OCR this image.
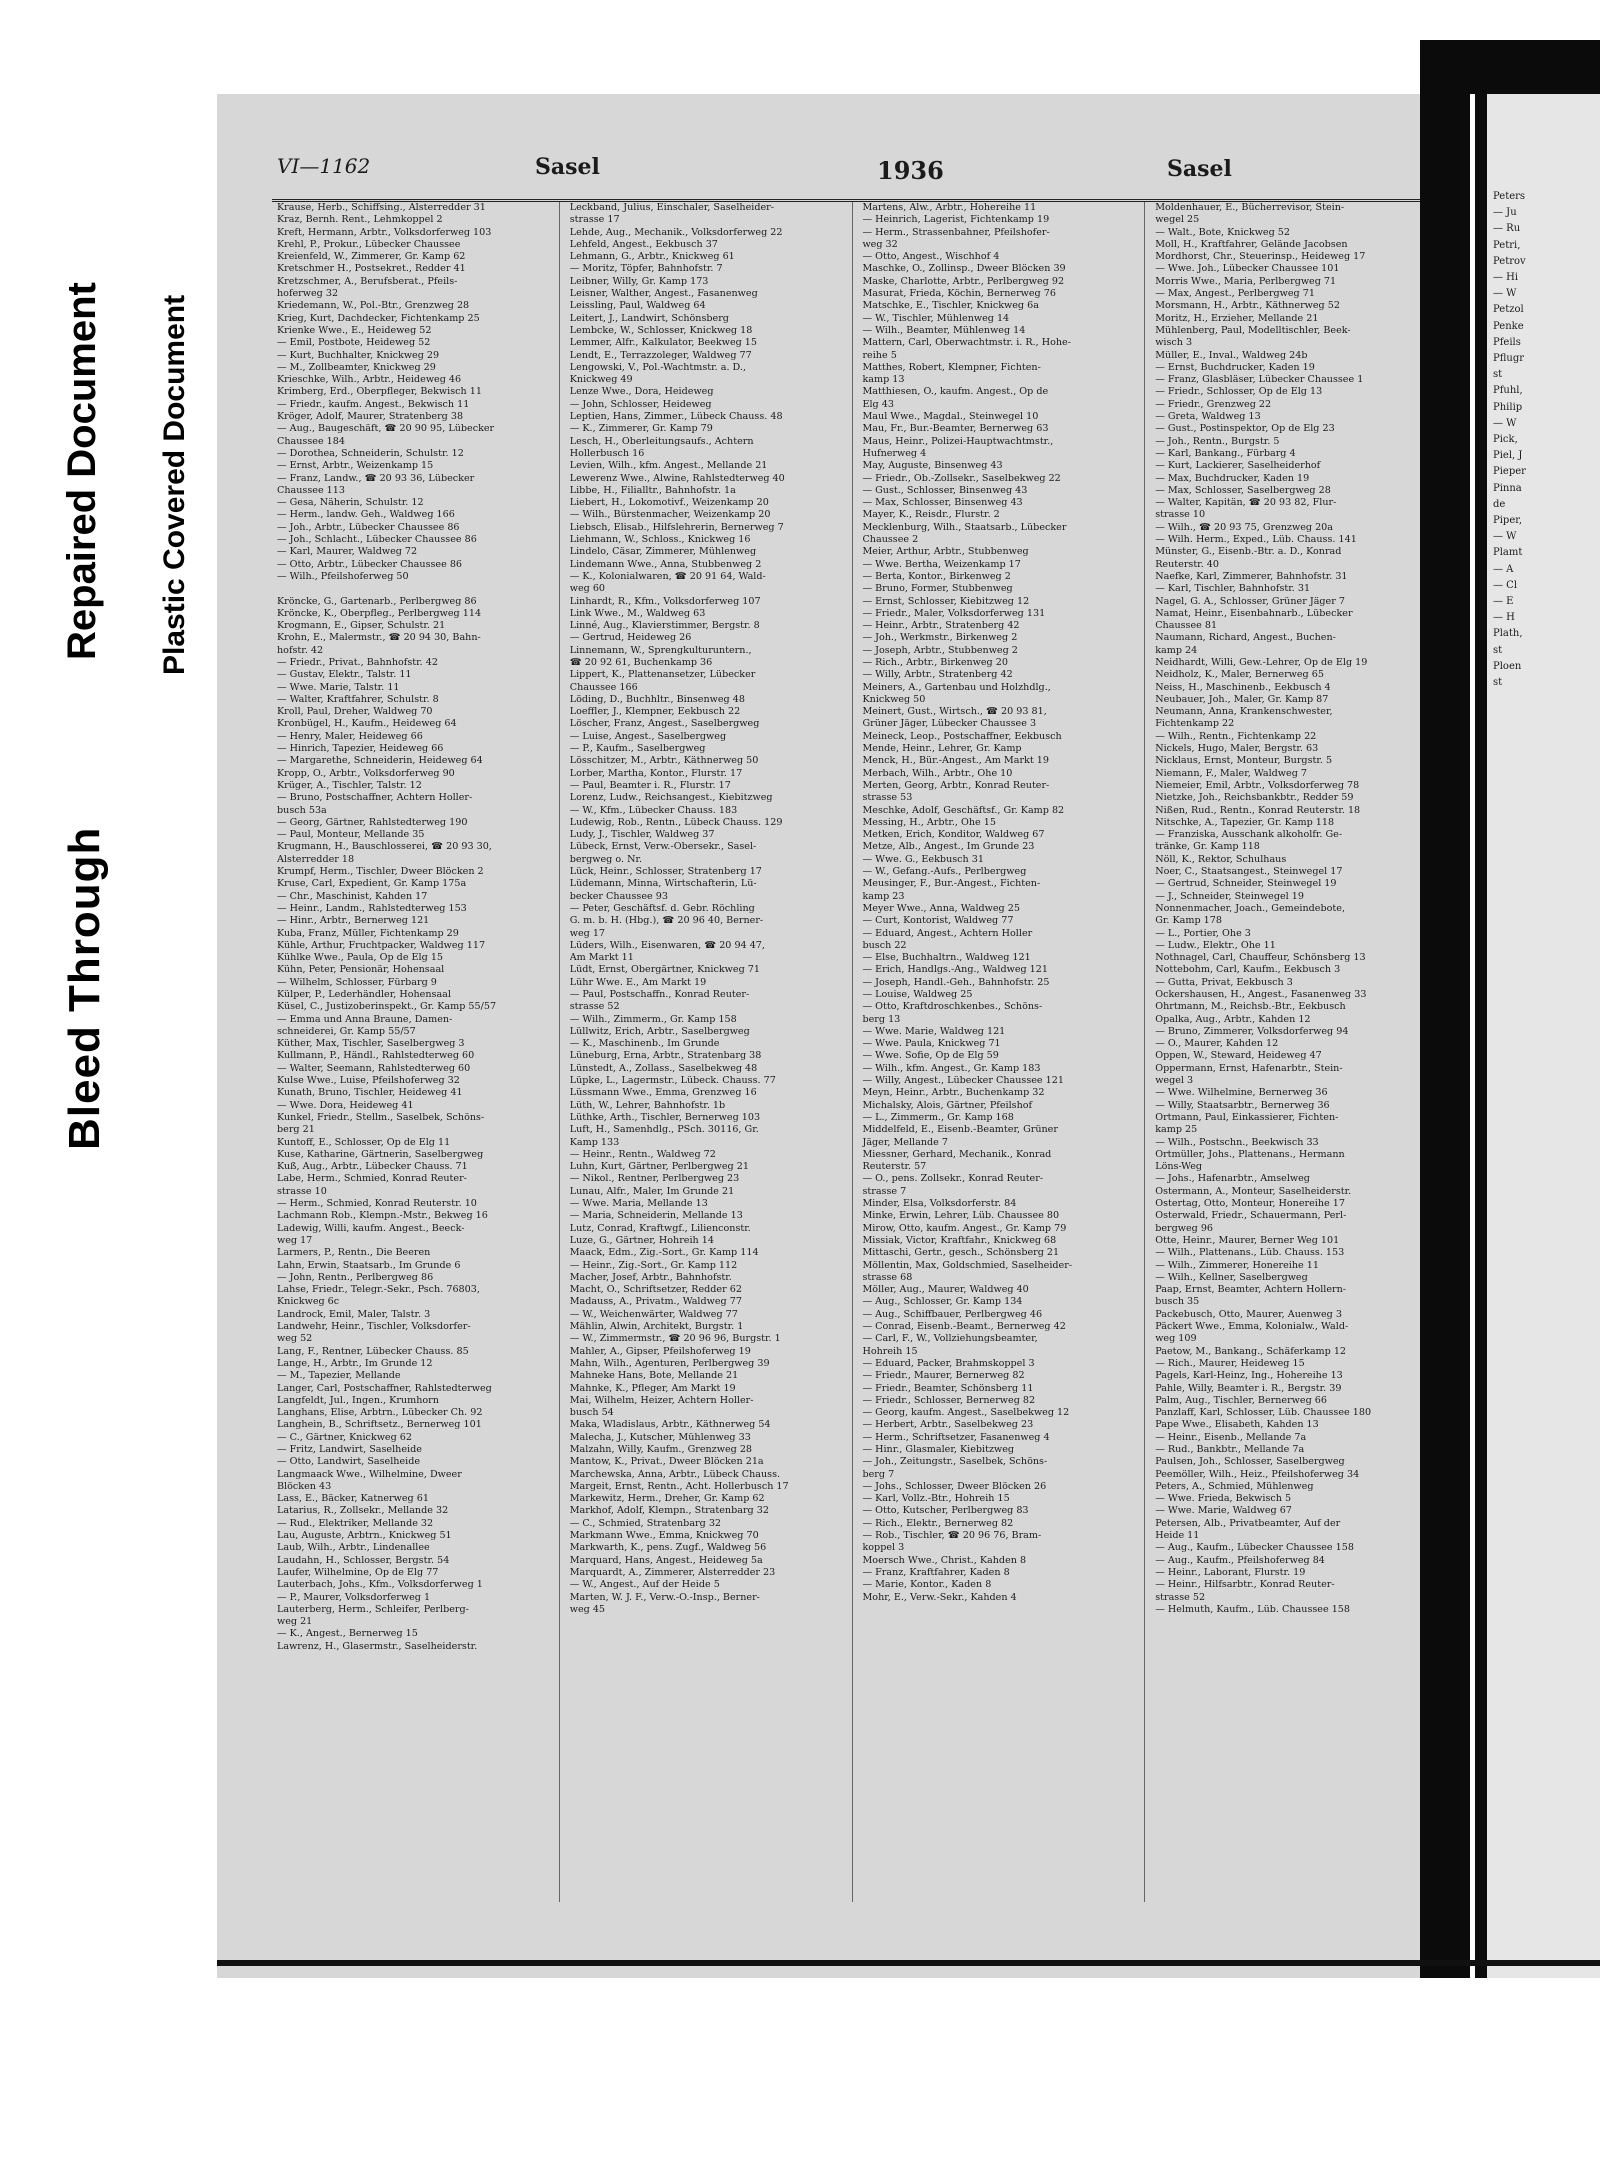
Bleed Through
Repaired Document Plastic Covered Document
VI—1162	Sasel	1936	Sasel
Krause, Herb., Schiffsing., Alsterredder 31
Kraz, Bernh. Rent., Lehmkoppel 2
Kreft, Hermann, Arbtr., Volksdorferweg 103
Krehl, P., Prokur., Lübecker Chaussee
Kreienfeld, W., Zimmerer, Gr. Kamp 62
Kretschmer H., Postsekret., Redder 41
Kretzschmer, A., Berufsberat., Pfeils-
hoferweg 32
Kriedemann, W., Pol.-Btr., Grenzweg 28
Krieg, Kurt, Dachdecker, Fichtenkamp 25
Krienke Wwe., E., Heideweg 52
— Emil, Postbote, Heideweg 52
— Kurt, Buchhalter, Knickweg 29
— M., Zollbeamter, Knickweg 29
Krieschke, Wilh., Arbtr., Heideweg 46
Krimberg, Erd., Oberpfleger, Bekwisch 11
— Friedr., kaufm. Angest., Bekwisch 11
Kröger, Adolf, Maurer, Stratenberg 38
— Aug., Baugeschäft, ☎ 20 90 95, Lübecker
Chaussee 184
— Dorothea, Schneiderin, Schulstr. 12
— Ernst, Arbtr., Weizenkamp 15
— Franz, Landw., ☎ 20 93 36, Lübecker
Chaussee 113
— Gesa, Näherin, Schulstr. 12
— Herm., landw. Geh., Waldweg 166
— Joh., Arbtr., Lübecker Chaussee 86
— Joh., Schlacht., Lübecker Chaussee 86
— Karl, Maurer, Waldweg 72
— Otto, Arbtr., Lübecker Chaussee 86
— Wilh., Pfeilshoferweg 50

Kröncke, G., Gartenarb., Perlbergweg 86
Kröncke, K., Oberpfleg., Perlbergweg 114
Krogmann, E., Gipser, Schulstr. 21
Krohn, E., Malermstr., ☎ 20 94 30, Bahn-
hofstr. 42
— Friedr., Privat., Bahnhofstr. 42
— Gustav, Elektr., Talstr. 11
— Wwe. Marie, Talstr. 11
— Walter, Kraftfahrer, Schulstr. 8
Kroll, Paul, Dreher, Waldweg 70
Kronbügel, H., Kaufm., Heideweg 64
— Henry, Maler, Heideweg 66
— Hinrich, Tapezier, Heideweg 66
— Margarethe, Schneiderin, Heideweg 64
Kropp, O., Arbtr., Volksdorferweg 90
Krüger, A., Tischler, Talstr. 12
— Bruno, Postschaffner, Achtern Holler-
busch 53a
— Georg, Gärtner, Rahlstedterweg 190
— Paul, Monteur, Mellande 35
Krugmann, H., Bauschlosserei, ☎ 20 93 30,
Alsterredder 18
Krumpf, Herm., Tischler, Dweer Blöcken 2
Kruse, Carl, Expedient, Gr. Kamp 175a
— Chr., Maschinist, Kahden 17
— Heinr., Landm., Rahlstedterweg 153
— Hinr., Arbtr., Bernerweg 121
Kuba, Franz, Müller, Fichtenkamp 29
Kühle, Arthur, Fruchtpacker, Waldweg 117
Kühlke Wwe., Paula, Op de Elg 15
Kühn, Peter, Pensionär, Hohensaal
— Wilhelm, Schlosser, Fürbarg 9
Külper, P., Lederhändler, Hohensaal
Küsel, C., Justizoberinspekt., Gr. Kamp 55/57
— Emma und Anna Braune, Damen-
schneiderei, Gr. Kamp 55/57
Küther, Max, Tischler, Saselbergweg 3
Kullmann, P., Händl., Rahlstedterweg 60
— Walter, Seemann, Rahlstedterweg 60
Kulse Wwe., Luise, Pfeilshoferweg 32
Kunath, Bruno, Tischler, Heideweg 41
— Wwe. Dora, Heideweg 41
Kunkel, Friedr., Stellm., Saselbek, Schöns-
berg 21
Kuntoff, E., Schlosser, Op de Elg 11
Kuse, Katharine, Gärtnerin, Saselbergweg
Kuß, Aug., Arbtr., Lübecker Chauss. 71
Labe, Herm., Schmied, Konrad Reuter-
strasse 10
— Herm., Schmied, Konrad Reuterstr. 10
Lachmann Rob., Klempn.-Mstr., Bekweg 16
Ladewig, Willi, kaufm. Angest., Beeck-
weg 17
Larmers, P., Rentn., Die Beeren
Lahn, Erwin, Staatsarb., Im Grunde 6
— John, Rentn., Perlbergweg 86
Lahse, Friedr., Telegr.-Sekr., Psch. 76803,
Knickweg 6c
Landrock, Emil, Maler, Talstr. 3
Landwehr, Heinr., Tischler, Volksdorfer-
weg 52
Lang, F., Rentner, Lübecker Chauss. 85
Lange, H., Arbtr., Im Grunde 12
— M., Tapezier, Mellande
Langer, Carl, Postschaffner, Rahlstedterweg
Langfeldt, Jul., Ingen., Krumhorn
Langhans, Elise, Arbtrn., Lübecker Ch. 92
Langhein, B., Schriftsetz., Bernerweg 101
— C., Gärtner, Knickweg 62
— Fritz, Landwirt, Saselheide
— Otto, Landwirt, Saselheide
Langmaack Wwe., Wilhelmine, Dweer
Blöcken 43
Lass, E., Bäcker, Katnerweg 61
Latarius, R., Zollsekr., Mellande 32
— Rud., Elektriker, Mellande 32
Lau, Auguste, Arbtrn., Knickweg 51
Laub, Wilh., Arbtr., Lindenallee
Laudahn, H., Schlosser, Bergstr. 54
Laufer, Wilhelmine, Op de Elg 77
Lauterbach, Johs., Kfm., Volksdorferweg 1
— P., Maurer, Volksdorferweg 1
Lauterberg, Herm., Schleifer, Perlberg-
weg 21
— K., Angest., Bernerweg 15
Lawrenz, H., Glasermstr., Saselheiderstr.
Leckband, Julius, Einschaler, Saselheider-
strasse 17
Lehde, Aug., Mechanik., Volksdorferweg 22
Lehfeld, Angest., Eekbusch 37
Lehmann, G., Arbtr., Knickweg 61
— Moritz, Töpfer, Bahnhofstr. 7
Leibner, Willy, Gr. Kamp 173
Leisner, Walther, Angest., Fasanenweg
Leissling, Paul, Waldweg 64
Leitert, J., Landwirt, Schönsberg
Lembcke, W., Schlosser, Knickweg 18
Lemmer, Alfr., Kalkulator, Beekweg 15
Lendt, E., Terrazzoleger, Waldweg 77
Lengowski, V., Pol.-Wachtmstr. a. D.,
Knickweg 49
Lenze Wwe., Dora, Heideweg
— John, Schlosser, Heideweg
Leptien, Hans, Zimmer., Lübeck Chauss. 48
— K., Zimmerer, Gr. Kamp 79
Lesch, H., Oberleitungsaufs., Achtern
Hollerbusch 16
Levien, Wilh., kfm. Angest., Mellande 21
Lewerenz Wwe., Alwine, Rahlstedterweg 40
Libbe, H., Filialltr., Bahnhofstr. 1a
Liebert, H., Lokomotivf., Weizenkamp 20
— Wilh., Bürstenmacher, Weizenkamp 20
Liebsch, Elisab., Hilfslehrerin, Bernerweg 7
Liehmann, W., Schloss., Knickweg 16
Lindelo, Cäsar, Zimmerer, Mühlenweg
Lindemann Wwe., Anna, Stubbenweg 2
— K., Kolonialwaren, ☎ 20 91 64, Wald-
weg 60
Linhardt, R., Kfm., Volksdorferweg 107
Link Wwe., M., Waldweg 63
Linné, Aug., Klavierstimmer, Bergstr. 8
— Gertrud, Heideweg 26
Linnemann, W., Sprengkulturuntern.,
☎ 20 92 61, Buchenkamp 36
Lippert, K., Plattenansetzer, Lübecker
Chaussee 166
Löding, D., Buchhltr., Binsenweg 48
Loeffler, J., Klempner, Eekbusch 22
Löscher, Franz, Angest., Saselbergweg
— Luise, Angest., Saselbergweg
— P., Kaufm., Saselbergweg
Lösschitzer, M., Arbtr., Käthnerweg 50
Lorber, Martha, Kontor., Flurstr. 17
— Paul, Beamter i. R., Flurstr. 17
Lorenz, Ludw., Reichsangest., Kiebitzweg
— W., Kfm., Lübecker Chauss. 183
Ludewig, Rob., Rentn., Lübeck Chauss. 129
Ludy, J., Tischler, Waldweg 37
Lübeck, Ernst, Verw.-Obersekr., Sasel-
bergweg o. Nr.
Lück, Heinr., Schlosser, Stratenberg 17
Lüdemann, Minna, Wirtschafterin, Lü-
becker Chaussee 93
— Peter, Geschäftsf. d. Gebr. Röchling
G. m. b. H. (Hbg.), ☎ 20 96 40, Berner-
weg 17
Lüders, Wilh., Eisenwaren, ☎ 20 94 47,
Am Markt 11
Lüdt, Ernst, Obergärtner, Knickweg 71
Lühr Wwe. E., Am Markt 19
— Paul, Postschaffn., Konrad Reuter-
strasse 52
— Wilh., Zimmerm., Gr. Kamp 158
Lüllwitz, Erich, Arbtr., Saselbergweg
— K., Maschinenb., Im Grunde
Lüneburg, Erna, Arbtr., Stratenbarg 38
Lünstedt, A., Zollass., Saselbekweg 48
Lüpke, L., Lagermstr., Lübeck. Chauss. 77
Lüssmann Wwe., Emma, Grenzweg 16
Lüth, W., Lehrer, Bahnhofstr. 1b
Lüthke, Arth., Tischler, Bernerweg 103
Luft, H., Samenhdlg., PSch. 30116, Gr.
Kamp 133
— Heinr., Rentn., Waldweg 72
Luhn, Kurt, Gärtner, Perlbergweg 21
— Nikol., Rentner, Perlbergweg 23
Lunau, Alfr., Maler, Im Grunde 21
— Wwe. Maria, Mellande 13
— Maria, Schneiderin, Mellande 13
Lutz, Conrad, Kraftwgf., Lilienconstr.
Luze, G., Gärtner, Hohreih 14
Maack, Edm., Zig.-Sort., Gr. Kamp 114
— Heinr., Zig.-Sort., Gr. Kamp 112
Macher, Josef, Arbtr., Bahnhofstr.
Macht, O., Schriftsetzer, Redder 62
Madauss, A., Privatm., Waldweg 77
— W., Weichenwärter, Waldweg 77
Mählin, Alwin, Architekt, Burgstr. 1
— W., Zimmermstr., ☎ 20 96 96, Burgstr. 1
Mahler, A., Gipser, Pfeilshoferweg 19
Mahn, Wilh., Agenturen, Perlbergweg 39
Mahneke Hans, Bote, Mellande 21
Mahnke, K., Pfleger, Am Markt 19
Mai, Wilhelm, Heizer, Achtern Holler-
busch 54
Maka, Wladislaus, Arbtr., Käthnerweg 54
Malecha, J., Kutscher, Mühlenweg 33
Malzahn, Willy, Kaufm., Grenzweg 28
Mantow, K., Privat., Dweer Blöcken 21a
Marchewska, Anna, Arbtr., Lübeck Chauss.
Margeit, Ernst, Rentn., Acht. Hollerbusch 17
Markewitz, Herm., Dreher, Gr. Kamp 62
Markhof, Adolf, Klempn., Stratenbarg 32
— C., Schmied, Stratenbarg 32
Markmann Wwe., Emma, Knickweg 70
Markwarth, K., pens. Zugf., Waldweg 56
Marquard, Hans, Angest., Heideweg 5a
Marquardt, A., Zimmerer, Alsterredder 23
— W., Angest., Auf der Heide 5
Marten, W. J. F., Verw.-O.-Insp., Berner-
weg 45
Martens, Alw., Arbtr., Hohereihe 11
— Heinrich, Lagerist, Fichtenkamp 19
— Herm., Strassenbahner, Pfeilshofer-
weg 32
— Otto, Angest., Wischhof 4
Maschke, O., Zollinsp., Dweer Blöcken 39
Maske, Charlotte, Arbtr., Perlbergweg 92
Masurat, Frieda, Köchin, Bernerweg 76
Matschke, E., Tischler, Knickweg 6a
— W., Tischler, Mühlenweg 14
— Wilh., Beamter, Mühlenweg 14
Mattern, Carl, Oberwachtmstr. i. R., Hohe-
reihe 5
Matthes, Robert, Klempner, Fichten-
kamp 13
Matthiesen, O., kaufm. Angest., Op de
Elg 43
Maul Wwe., Magdal., Steinwegel 10
Mau, Fr., Bur.-Beamter, Bernerweg 63
Maus, Heinr., Polizei-Hauptwachtmstr.,
Hufnerweg 4
May, Auguste, Binsenweg 43
— Friedr., Ob.-Zollsekr., Saselbekweg 22
— Gust., Schlosser, Binsenweg 43
— Max, Schlosser, Binsenweg 43
Mayer, K., Reisdr., Flurstr. 2
Mecklenburg, Wilh., Staatsarb., Lübecker
Chaussee 2
Meier, Arthur, Arbtr., Stubbenweg
— Wwe. Bertha, Weizenkamp 17
— Berta, Kontor., Birkenweg 2
— Bruno, Former, Stubbenweg
— Ernst, Schlosser, Kiebitzweg 12
— Friedr., Maler, Volksdorferweg 131
— Heinr., Arbtr., Stratenberg 42
— Joh., Werkmstr., Birkenweg 2
— Joseph, Arbtr., Stubbenweg 2
— Rich., Arbtr., Birkenweg 20
— Willy, Arbtr., Stratenberg 42
Meiners, A., Gartenbau und Holzhdlg.,
Knickweg 50
Meinert, Gust., Wirtsch., ☎ 20 93 81,
Grüner Jäger, Lübecker Chaussee 3
Meineck, Leop., Postschaffner, Eekbusch
Mende, Heinr., Lehrer, Gr. Kamp
Menck, H., Bür.-Angest., Am Markt 19
Merbach, Wilh., Arbtr., Ohe 10
Merten, Georg, Arbtr., Konrad Reuter-
strasse 53
Meschke, Adolf, Geschäftsf., Gr. Kamp 82
Messing, H., Arbtr., Ohe 15
Metken, Erich, Konditor, Waldweg 67
Metze, Alb., Angest., Im Grunde 23
— Wwe. G., Eekbusch 31
— W., Gefang.-Aufs., Perlbergweg
Meusinger, F., Bur.-Angest., Fichten-
kamp 23
Meyer Wwe., Anna, Waldweg 25
— Curt, Kontorist, Waldweg 77
— Eduard, Angest., Achtern Holler
busch 22
— Else, Buchhaltrn., Waldweg 121
— Erich, Handlgs.-Ang., Waldweg 121
— Joseph, Handl.-Geh., Bahnhofstr. 25
— Louise, Waldweg 25
— Otto, Kraftdroschkenbes., Schöns-
berg 13
— Wwe. Marie, Waldweg 121
— Wwe. Paula, Knickweg 71
— Wwe. Sofie, Op de Elg 59
— Wilh., kfm. Angest., Gr. Kamp 183
— Willy, Angest., Lübecker Chaussee 121
Meyn, Heinr., Arbtr., Buchenkamp 32
Michalsky, Alois, Gärtner, Pfeilshof
— L., Zimmerm., Gr. Kamp 168
Middelfeld, E., Eisenb.-Beamter, Grüner
Jäger, Mellande 7
Miessner, Gerhard, Mechanik., Konrad
Reuterstr. 57
— O., pens. Zollsekr., Konrad Reuter-
strasse 7
Minder, Elsa, Volksdorferstr. 84
Minke, Erwin, Lehrer, Lüb. Chaussee 80
Mirow, Otto, kaufm. Angest., Gr. Kamp 79
Missiak, Victor, Kraftfahr., Knickweg 68
Mittaschi, Gertr., gesch., Schönsberg 21
Möllentin, Max, Goldschmied, Saselheider-
strasse 68
Möller, Aug., Maurer, Waldweg 40
— Aug., Schlosser, Gr. Kamp 134
— Aug., Schiffbauer, Perlbergweg 46
— Conrad, Eisenb.-Beamt., Bernerweg 42
— Carl, F., W., Vollziehungsbeamter,
Hohreih 15
— Eduard, Packer, Brahmskoppel 3
— Friedr., Maurer, Bernerweg 82
— Friedr., Beamter, Schönsberg 11
— Friedr., Schlosser, Bernerweg 82
— Georg, kaufm. Angest., Saselbekweg 12
— Herbert, Arbtr., Saselbekweg 23
— Herm., Schriftsetzer, Fasanenweg 4
— Hinr., Glasmaler, Kiebitzweg
— Joh., Zeitungstr., Saselbek, Schöns-
berg 7
— Johs., Schlosser, Dweer Blöcken 26
— Karl, Vollz.-Btr., Hohreih 15
— Otto, Kutscher, Perlbergweg 83
— Rich., Elektr., Bernerweg 82
— Rob., Tischler, ☎ 20 96 76, Bram-
koppel 3
Moersch Wwe., Christ., Kahden 8
— Franz, Kraftfahrer, Kaden 8
— Marie, Kontor., Kaden 8
Mohr, E., Verw.-Sekr., Kahden 4
Moldenhauer, E., Bücherrevisor, Stein-
wegel 25
— Walt., Bote, Knickweg 52
Moll, H., Kraftfahrer, Gelände Jacobsen
Mordhorst, Chr., Steuerinsp., Heideweg 17
— Wwe. Joh., Lübecker Chaussee 101
Morris Wwe., Maria, Perlbergweg 71
— Max, Angest., Perlbergweg 71
Morsmann, H., Arbtr., Käthnerweg 52
Moritz, H., Erzieher, Mellande 21
Mühlenberg, Paul, Modelltischler, Beek-
wisch 3
Müller, E., Inval., Waldweg 24b
— Ernst, Buchdrucker, Kaden 19
— Franz, Glasbläser, Lübecker Chaussee 1
— Friedr., Schlosser, Op de Elg 13
— Friedr., Grenzweg 22
— Greta, Waldweg 13
— Gust., Postinspektor, Op de Elg 23
— Joh., Rentn., Burgstr. 5
— Karl, Bankang., Fürbarg 4
— Kurt, Lackierer, Saselheiderhof
— Max, Buchdrucker, Kaden 19
— Max, Schlosser, Saselbergweg 28
— Walter, Kapitän, ☎ 20 93 82, Flur-
strasse 10
— Wilh., ☎ 20 93 75, Grenzweg 20a
— Wilh. Herm., Exped., Lüb. Chauss. 141
Münster, G., Eisenb.-Btr. a. D., Konrad
Reuterstr. 40
Naefke, Karl, Zimmerer, Bahnhofstr. 31
— Karl, Tischler, Bahnhofstr. 31
Nagel, G. A., Schlosser, Grüner Jäger 7
Namat, Heinr., Eisenbahnarb., Lübecker
Chaussee 81
Naumann, Richard, Angest., Buchen-
kamp 24
Neidhardt, Willi, Gew.-Lehrer, Op de Elg 19
Neidholz, K., Maler, Bernerweg 65
Neiss, H., Maschinenb., Eekbusch 4
Neubauer, Joh., Maler, Gr. Kamp 87
Neumann, Anna, Krankenschwester,
Fichtenkamp 22
— Wilh., Rentn., Fichtenkamp 22
Nickels, Hugo, Maler, Bergstr. 63
Nicklaus, Ernst, Monteur, Burgstr. 5
Niemann, F., Maler, Waldweg 7
Niemeier, Emil, Arbtr., Volksdorferweg 78
Nietzke, Joh., Reichsbankbtr., Redder 59
Nißen, Rud., Rentn., Konrad Reuterstr. 18
Nitschke, A., Tapezier, Gr. Kamp 118
— Franziska, Ausschank alkoholfr. Ge-
tränke, Gr. Kamp 118
Nöll, K., Rektor, Schulhaus
Noer, C., Staatsangest., Steinwegel 17
— Gertrud, Schneider, Steinwegel 19
— J., Schneider, Steinwegel 19
Nonnenmacher, Joach., Gemeindebote,
Gr. Kamp 178
— L., Portier, Ohe 3
— Ludw., Elektr., Ohe 11
Nothnagel, Carl, Chauffeur, Schönsberg 13
Nottebohm, Carl, Kaufm., Eekbusch 3
— Gutta, Privat, Eekbusch 3
Ockershausen, H., Angest., Fasanenweg 33
Ohrtmann, M., Reichsb.-Btr., Eekbusch
Opalka, Aug., Arbtr., Kahden 12
— Bruno, Zimmerer, Volksdorferweg 94
— O., Maurer, Kahden 12
Oppen, W., Steward, Heideweg 47
Oppermann, Ernst, Hafenarbtr., Stein-
wegel 3
— Wwe. Wilhelmine, Bernerweg 36
— Willy, Staatsarbtr., Bernerweg 36
Ortmann, Paul, Einkassierer, Fichten-
kamp 25
— Wilh., Postschn., Beekwisch 33
Ortmüller, Johs., Plattenans., Hermann
Löns-Weg
— Johs., Hafenarbtr., Amselweg
Ostermann, A., Monteur, Saselheiderstr.
Ostertag, Otto, Monteur, Honereihe 17
Osterwald, Friedr., Schauermann, Perl-
bergweg 96
Otte, Heinr., Maurer, Berner Weg 101
— Wilh., Plattenans., Lüb. Chauss. 153
— Wilh., Zimmerer, Honereihe 11
— Wilh., Kellner, Saselbergweg
Paap, Ernst, Beamter, Achtern Hollern-
busch 35
Packebusch, Otto, Maurer, Auenweg 3
Päckert Wwe., Emma, Kolonialw., Wald-
weg 109
Paetow, M., Bankang., Schäferkamp 12
— Rich., Maurer, Heideweg 15
Pagels, Karl-Heinz, Ing., Hohereihe 13
Pahle, Willy, Beamter i. R., Bergstr. 39
Palm, Aug., Tischler, Bernerweg 66
Panzlaff, Karl, Schlosser, Lüb. Chaussee 180
Pape Wwe., Elisabeth, Kahden 13
— Heinr., Eisenb., Mellande 7a
— Rud., Bankbtr., Mellande 7a
Paulsen, Joh., Schlosser, Saselbergweg
Peemöller, Wilh., Heiz., Pfeilshoferweg 34
Peters, A., Schmied, Mühlenweg
— Wwe. Frieda, Bekwisch 5
— Wwe. Marie, Waldweg 67
Petersen, Alb., Privatbeamter, Auf der
Heide 11
— Aug., Kaufm., Lübecker Chaussee 158
— Aug., Kaufm., Pfeilshoferweg 84
— Heinr., Laborant, Flurstr. 19
— Heinr., Hilfsarbtr., Konrad Reuter-
strasse 52
— Helmuth, Kaufm., Lüb. Chaussee 158
Peters
— Ju
— Ru
Petri,
Petrov
— Hi
— W
Petzol
Penke
Pfeils
Pflugr
st
Pfuhl,
Philip
— W
Pick,
Piel, J
Pieper
Pinna
de
Piper,
— W
Plamt
— A
— Cl
— E
— H
Plath,
st
Ploen
st
